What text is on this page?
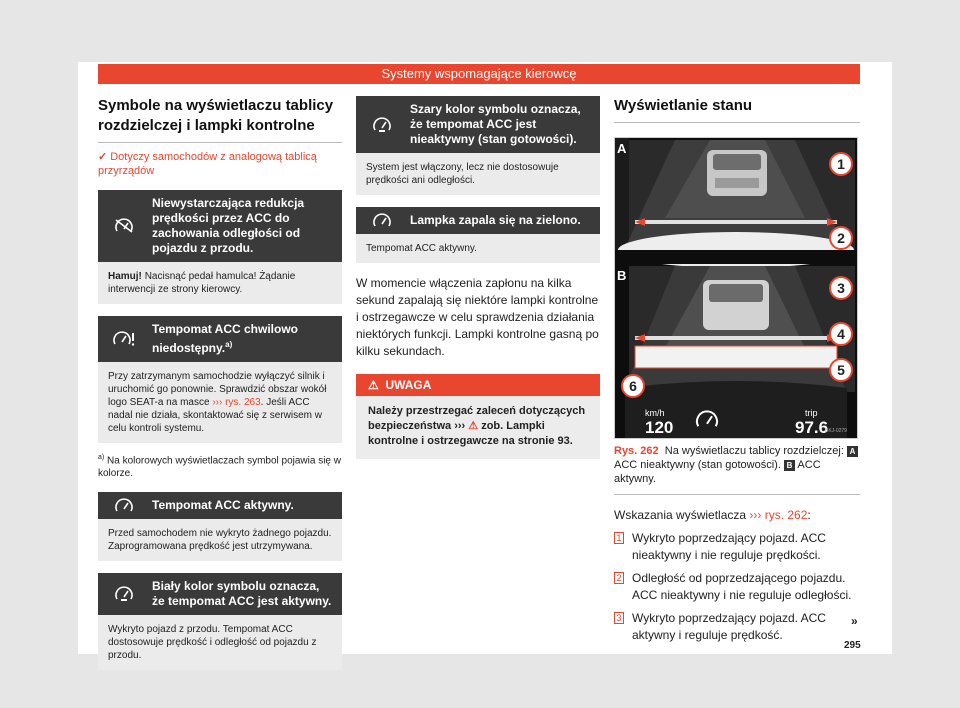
Systemy wspomagające kierowcę
Symbole na wyświetlaczu tablicy rozdzielczej i lampki kontrolne
✓ Dotyczy samochodów z analogową tablicą przyrządów
Niewystarczająca redukcja prędkości przez ACC do zachowania odległości od pojazdu z przodu.
Hamuj! Nacisnąć pedał hamulca! Żądanie interwencji ze strony kierowcy.
Tempomat ACC chwilowo niedostępny.$^{a)}$
Przy zatrzymanym samochodzie wyłączyć silnik i uruchomić go ponownie. Sprawdzić obszar wokół logo SEAT-a na masce ››› rys. 263. Jeśli ACC nadal nie działa, skontaktować się z serwisem w celu kontroli systemu.
$^{a)}$ Na kolorowych wyświetlaczach symbol pojawia się w kolorze.
Tempomat ACC aktywny.
Przed samochodem nie wykryto żadnego pojazdu. Zaprogramowana prędkość jest utrzymywana.
Biały kolor symbolu oznacza, że tempomat ACC jest aktywny.
Wykryto pojazd z przodu. Tempomat ACC dostosowuje prędkość i odległość od pojazdu z przodu.
Szary kolor symbolu oznacza, że tempomat ACC jest nieaktywny (stan gotowości).
System jest włączony, lecz nie dostosowuje prędkości ani odległości.
Lampka zapala się na zielono.
Tempomat ACC aktywny.

W momencie włączenia zapłonu na kilka sekund zapalają się niektóre lampki kontrolne i ostrzegawcze w celu sprawdzenia działania niektórych funkcji. Lampki kontrolne gasną po kilku sekundach.

⚠ UWAGA
Należy przestrzegać zaleceń dotyczących bezpieczeństwa ››› ⚠ zob. Lampki kontrolne i ostrzegawcze na stronie 93.
Wyświetlanie stanu
A
B
1
2
3
4
5
6
km/h
120
trip
97.6
BKJ-0279
Rys. 262 Na wyświetlaczu tablicy rozdzielczej: A ACC nieaktywny (stan gotowości). B ACC aktywny.
Wskazania wyświetlacza ››› rys. 262:
1 Wykryto poprzedzający pojazd. ACC nieaktywny i nie reguluje prędkości.
2 Odległość od poprzedzającego pojazdu. ACC nieaktywny i nie reguluje odległości.
3 Wykryto poprzedzający pojazd. ACC aktywny i reguluje prędkość.
»
295
